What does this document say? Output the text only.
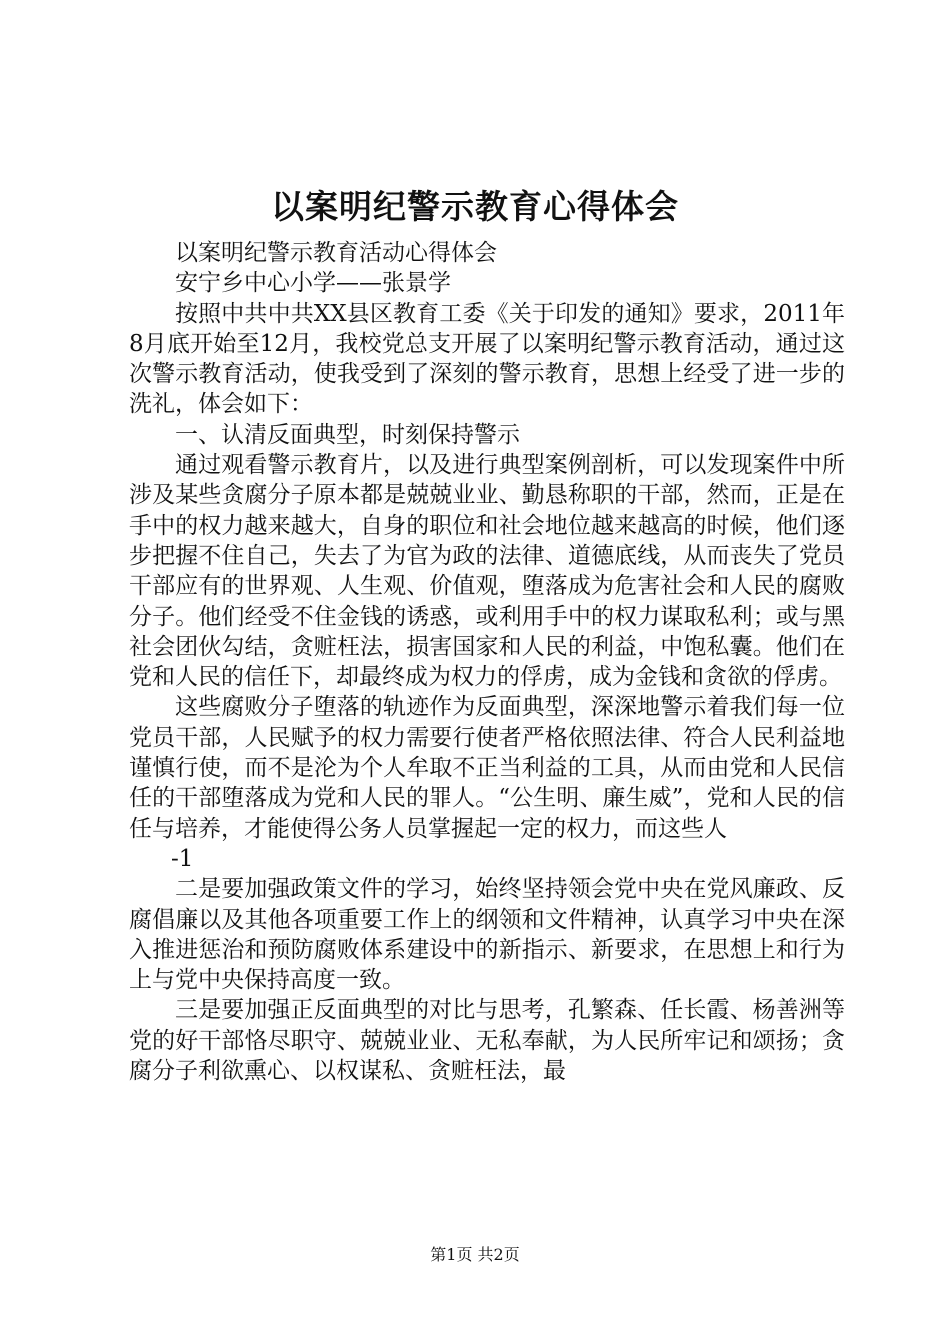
以案明纪警示教育心得体会

以案明纪警示教育活动心得体会

安宁乡中心小学——张景学

按照中共中共XX县区教育工委《关于印发的通知》要求，2011年8月底开始至12月，我校党总支开展了以案明纪警示教育活动，通过这次警示教育活动，使我受到了深刻的警示教育，思想上经受了进一步的洗礼，体会如下：

一、认清反面典型，时刻保持警示

通过观看警示教育片，以及进行典型案例剖析，可以发现案件中所涉及某些贪腐分子原本都是兢兢业业、勤恳称职的干部，然而，正是在手中的权力越来越大，自身的职位和社会地位越来越高的时候，他们逐步把握不住自己，失去了为官为政的法律、道德底线，从而丧失了党员干部应有的世界观、人生观、价值观，堕落成为危害社会和人民的腐败分子。他们经受不住金钱的诱惑，或利用手中的权力谋取私利；或与黑社会团伙勾结，贪赃枉法，损害国家和人民的利益，中饱私囊。他们在党和人民的信任下，却最终成为权力的俘虏，成为金钱和贪欲的俘虏。

这些腐败分子堕落的轨迹作为反面典型，深深地警示着我们每一位党员干部，人民赋予的权力需要行使者严格依照法律、符合人民利益地谨慎行使，而不是沦为个人牟取不正当利益的工具，从而由党和人民信任的干部堕落成为党和人民的罪人。“公生明、廉生威”，党和人民的信任与培养，才能使得公务人员掌握起一定的权力，而这些人

-1

二是要加强政策文件的学习，始终坚持领会党中央在党风廉政、反腐倡廉以及其他各项重要工作上的纲领和文件精神，认真学习中央在深入推进惩治和预防腐败体系建设中的新指示、新要求，在思想上和行为上与党中央保持高度一致。

三是要加强正反面典型的对比与思考，孔繁森、任长霞、杨善洲等党的好干部恪尽职守、兢兢业业、无私奉献，为人民所牢记和颂扬；贪腐分子利欲熏心、以权谋私、贪赃枉法，最

第1页 共2页
